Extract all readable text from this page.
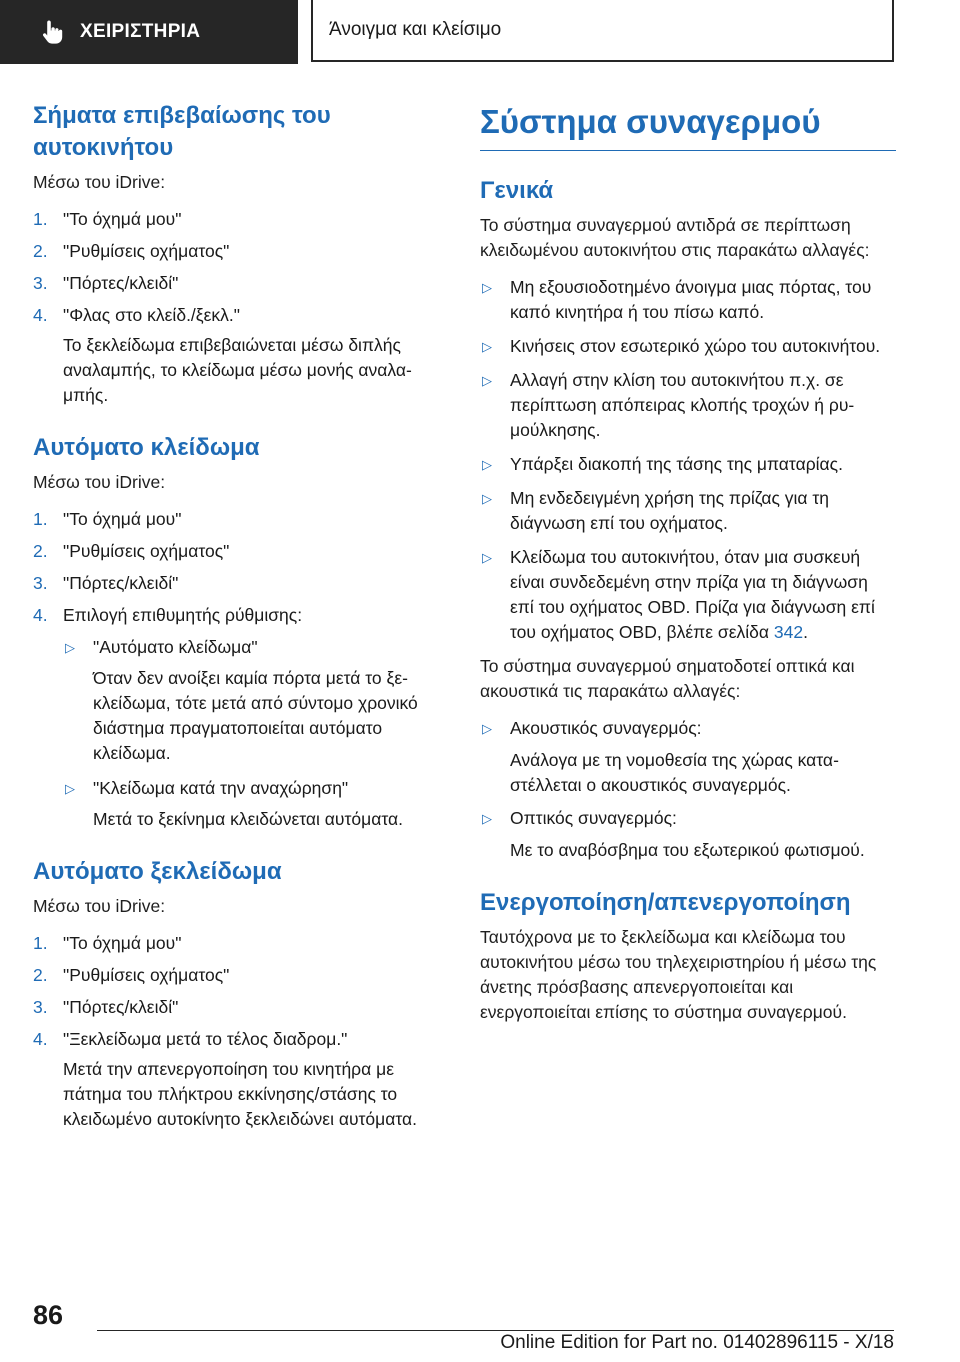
ΧΕΙΡΙΣΤΗΡΙΑ	Άνοιγμα και κλείσιμο
Σήματα επιβεβαίωσης του αυτοκινήτου

Μέσω του iDrive:

1. "Το όχημά μου"
2. "Ρυθμίσεις οχήματος"
3. "Πόρτες/κλειδί"
4. "Φλας στο κλείδ./ξεκλ."

Το ξεκλείδωμα επιβεβαιώνεται μέσω διπλής αναλαμπής, το κλείδωμα μέσω μονής αναλαμπής.

Αυτόματο κλείδωμα

Μέσω του iDrive:

1. "Το όχημά μου"
2. "Ρυθμίσεις οχήματος"
3. "Πόρτες/κλειδί"
4. Επιλογή επιθυμητής ρύθμισης:
▷	"Αυτόματο κλείδωμα"

Όταν δεν ανοίξει καμία πόρτα μετά το ξεκλείδωμα, τότε μετά από σύντομο χρονικό διάστημα πραγματοποιείται αυτόματο κλείδωμα.

▷	"Κλείδωμα κατά την αναχώρηση"

Μετά το ξεκίνημα κλειδώνεται αυτόματα.

Αυτόματο ξεκλείδωμα

Μέσω του iDrive:

1. "Το όχημά μου"
2. "Ρυθμίσεις οχήματος"
3. "Πόρτες/κλειδί"
4. "Ξεκλείδωμα μετά το τέλος διαδρομ."

Μετά την απενεργοποίηση του κινητήρα με πάτημα του πλήκτρου εκκίνησης/στάσης το κλειδωμένο αυτοκίνητο ξεκλειδώνει αυτόματα.

Σύστημα συναγερμού
Γενικά

Το σύστημα συναγερμού αντιδρά σε περίπτωση κλειδωμένου αυτοκινήτου στις παρακάτω αλλαγές:

▷	Μη εξουσιοδοτημένο άνοιγμα μιας πόρτας, του καπό κινητήρα ή του πίσω καπό.
▷	Κινήσεις στον εσωτερικό χώρο του αυτοκινήτου.
▷	Αλλαγή στην κλίση του αυτοκινήτου π.χ. σε περίπτωση απόπειρας κλοπής τροχών ή ρυμούλκησης.
▷	Υπάρξει διακοπή της τάσης της μπαταρίας.
▷	Μη ενδεδειγμένη χρήση της πρίζας για τη διάγνωση επί του οχήματος.
▷	Κλείδωμα του αυτοκινήτου, όταν μια συσκευή είναι συνδεδεμένη στην πρίζα για τη διάγνωση επί του οχήματος OBD. Πρίζα για διάγνωση επί του οχήματος OBD, βλέπε σελίδα 342.

Το σύστημα συναγερμού σηματοδοτεί οπτικά και ακουστικά τις παρακάτω αλλαγές:

▷	Ακουστικός συναγερμός:

Ανάλογα με τη νομοθεσία της χώρας καταστέλλεται ο ακουστικός συναγερμός.

▷	Οπτικός συναγερμός:

Με το αναβόσβημα του εξωτερικού φωτισμού.

Ενεργοποίηση/απενεργοποίηση

Ταυτόχρονα με το ξεκλείδωμα και κλείδωμα του αυτοκινήτου μέσω του τηλεχειριστηρίου ή μέσω της άνετης πρόσβασης απενεργοποιείται και ενεργοποιείται επίσης το σύστημα συναγερμού.

86
Online Edition for Part no. 01402896115 - X/18
